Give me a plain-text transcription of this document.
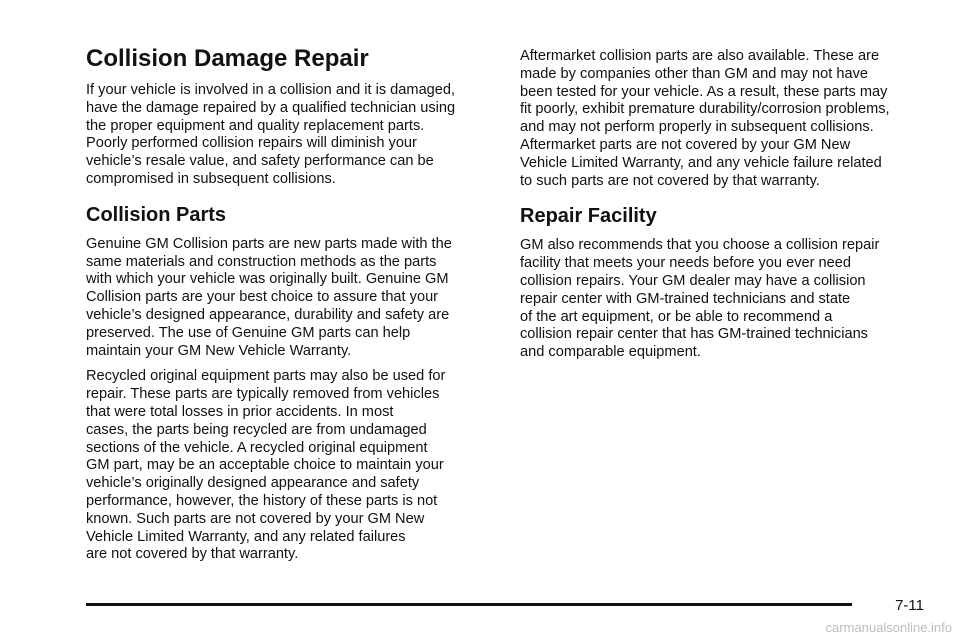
Collision Damage Repair

If your vehicle is involved in a collision and it is damaged,
have the damage repaired by a qualified technician using
the proper equipment and quality replacement parts.
Poorly performed collision repairs will diminish your
vehicle’s resale value, and safety performance can be
compromised in subsequent collisions.

Collision Parts

Genuine GM Collision parts are new parts made with the
same materials and construction methods as the parts
with which your vehicle was originally built. Genuine GM
Collision parts are your best choice to assure that your
vehicle’s designed appearance, durability and safety are
preserved. The use of Genuine GM parts can help
maintain your GM New Vehicle Warranty.

Recycled original equipment parts may also be used for
repair. These parts are typically removed from vehicles
that were total losses in prior accidents. In most
cases, the parts being recycled are from undamaged
sections of the vehicle. A recycled original equipment
GM part, may be an acceptable choice to maintain your
vehicle’s originally designed appearance and safety
performance, however, the history of these parts is not
known. Such parts are not covered by your GM New
Vehicle Limited Warranty, and any related failures
are not covered by that warranty.

Aftermarket collision parts are also available. These are
made by companies other than GM and may not have
been tested for your vehicle. As a result, these parts may
fit poorly, exhibit premature durability/corrosion problems,
and may not perform properly in subsequent collisions.
Aftermarket parts are not covered by your GM New
Vehicle Limited Warranty, and any vehicle failure related
to such parts are not covered by that warranty.

Repair Facility

GM also recommends that you choose a collision repair
facility that meets your needs before you ever need
collision repairs. Your GM dealer may have a collision
repair center with GM-trained technicians and state
of the art equipment, or be able to recommend a
collision repair center that has GM-trained technicians
and comparable equipment.

7-11
carmanualsonline.info
